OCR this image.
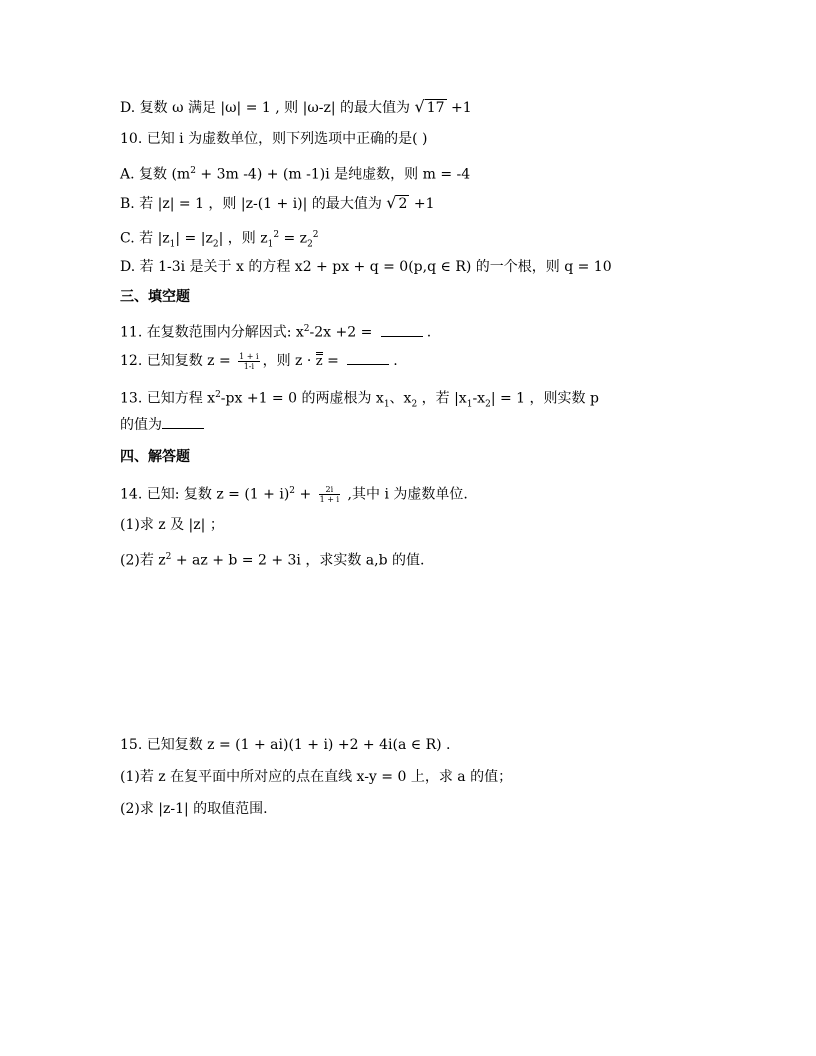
D. 复数 ω 满足 |ω| = 1 , 则 |ω-z| 的最大值为 √ 17 +1
10. 已知 i 为虚数单位，则下列选项中正确的是( )
A. 复数 ($m^2 + 3m$ -4) + (m -1)i 是纯虚数，则 m = -4
B. 若 |z| = 1 ，则 |z-(1 + i)| 的最大值为 √ 2 +1
C. 若 $|z_1| = |z_2|$ ，则 $z_1^2 = z_2^2$
D. 若 1-3i 是关于 x 的方程 x2 + px + q = 0(p,q ∈ R) 的一个根，则 q = 10
三、填空题
11. 在复数范围内分解因式: $x^2-2x +2$ =	.
12. 已知复数 $z = \frac{1 + i}{1-i}$ ，则 z · z =	.
13. 已知方程 $x^2-px +1 = 0$ 的两虚根为 $x_1$、$x_2$ ，若 $|x_1-x_2| = 1$ ，则实数 p
的值为
四、解答题
14. 已知: 复数 $z = (1 + i)^2 + \frac{2i}{1 + i}$ ,其中 i 为虚数单位.
(1)求 z 及 |z| ；
(2)若 $z^2$ + az + b = 2 + 3i ，求实数 a,b 的值.
15. 已知复数 z = (1 + ai)(1 + i) +2 + 4i(a ∈ R) .
(1)若 z 在复平面中所对应的点在直线 x-y = 0 上，求 a 的值；
(2)求 |z-1| 的取值范围.
